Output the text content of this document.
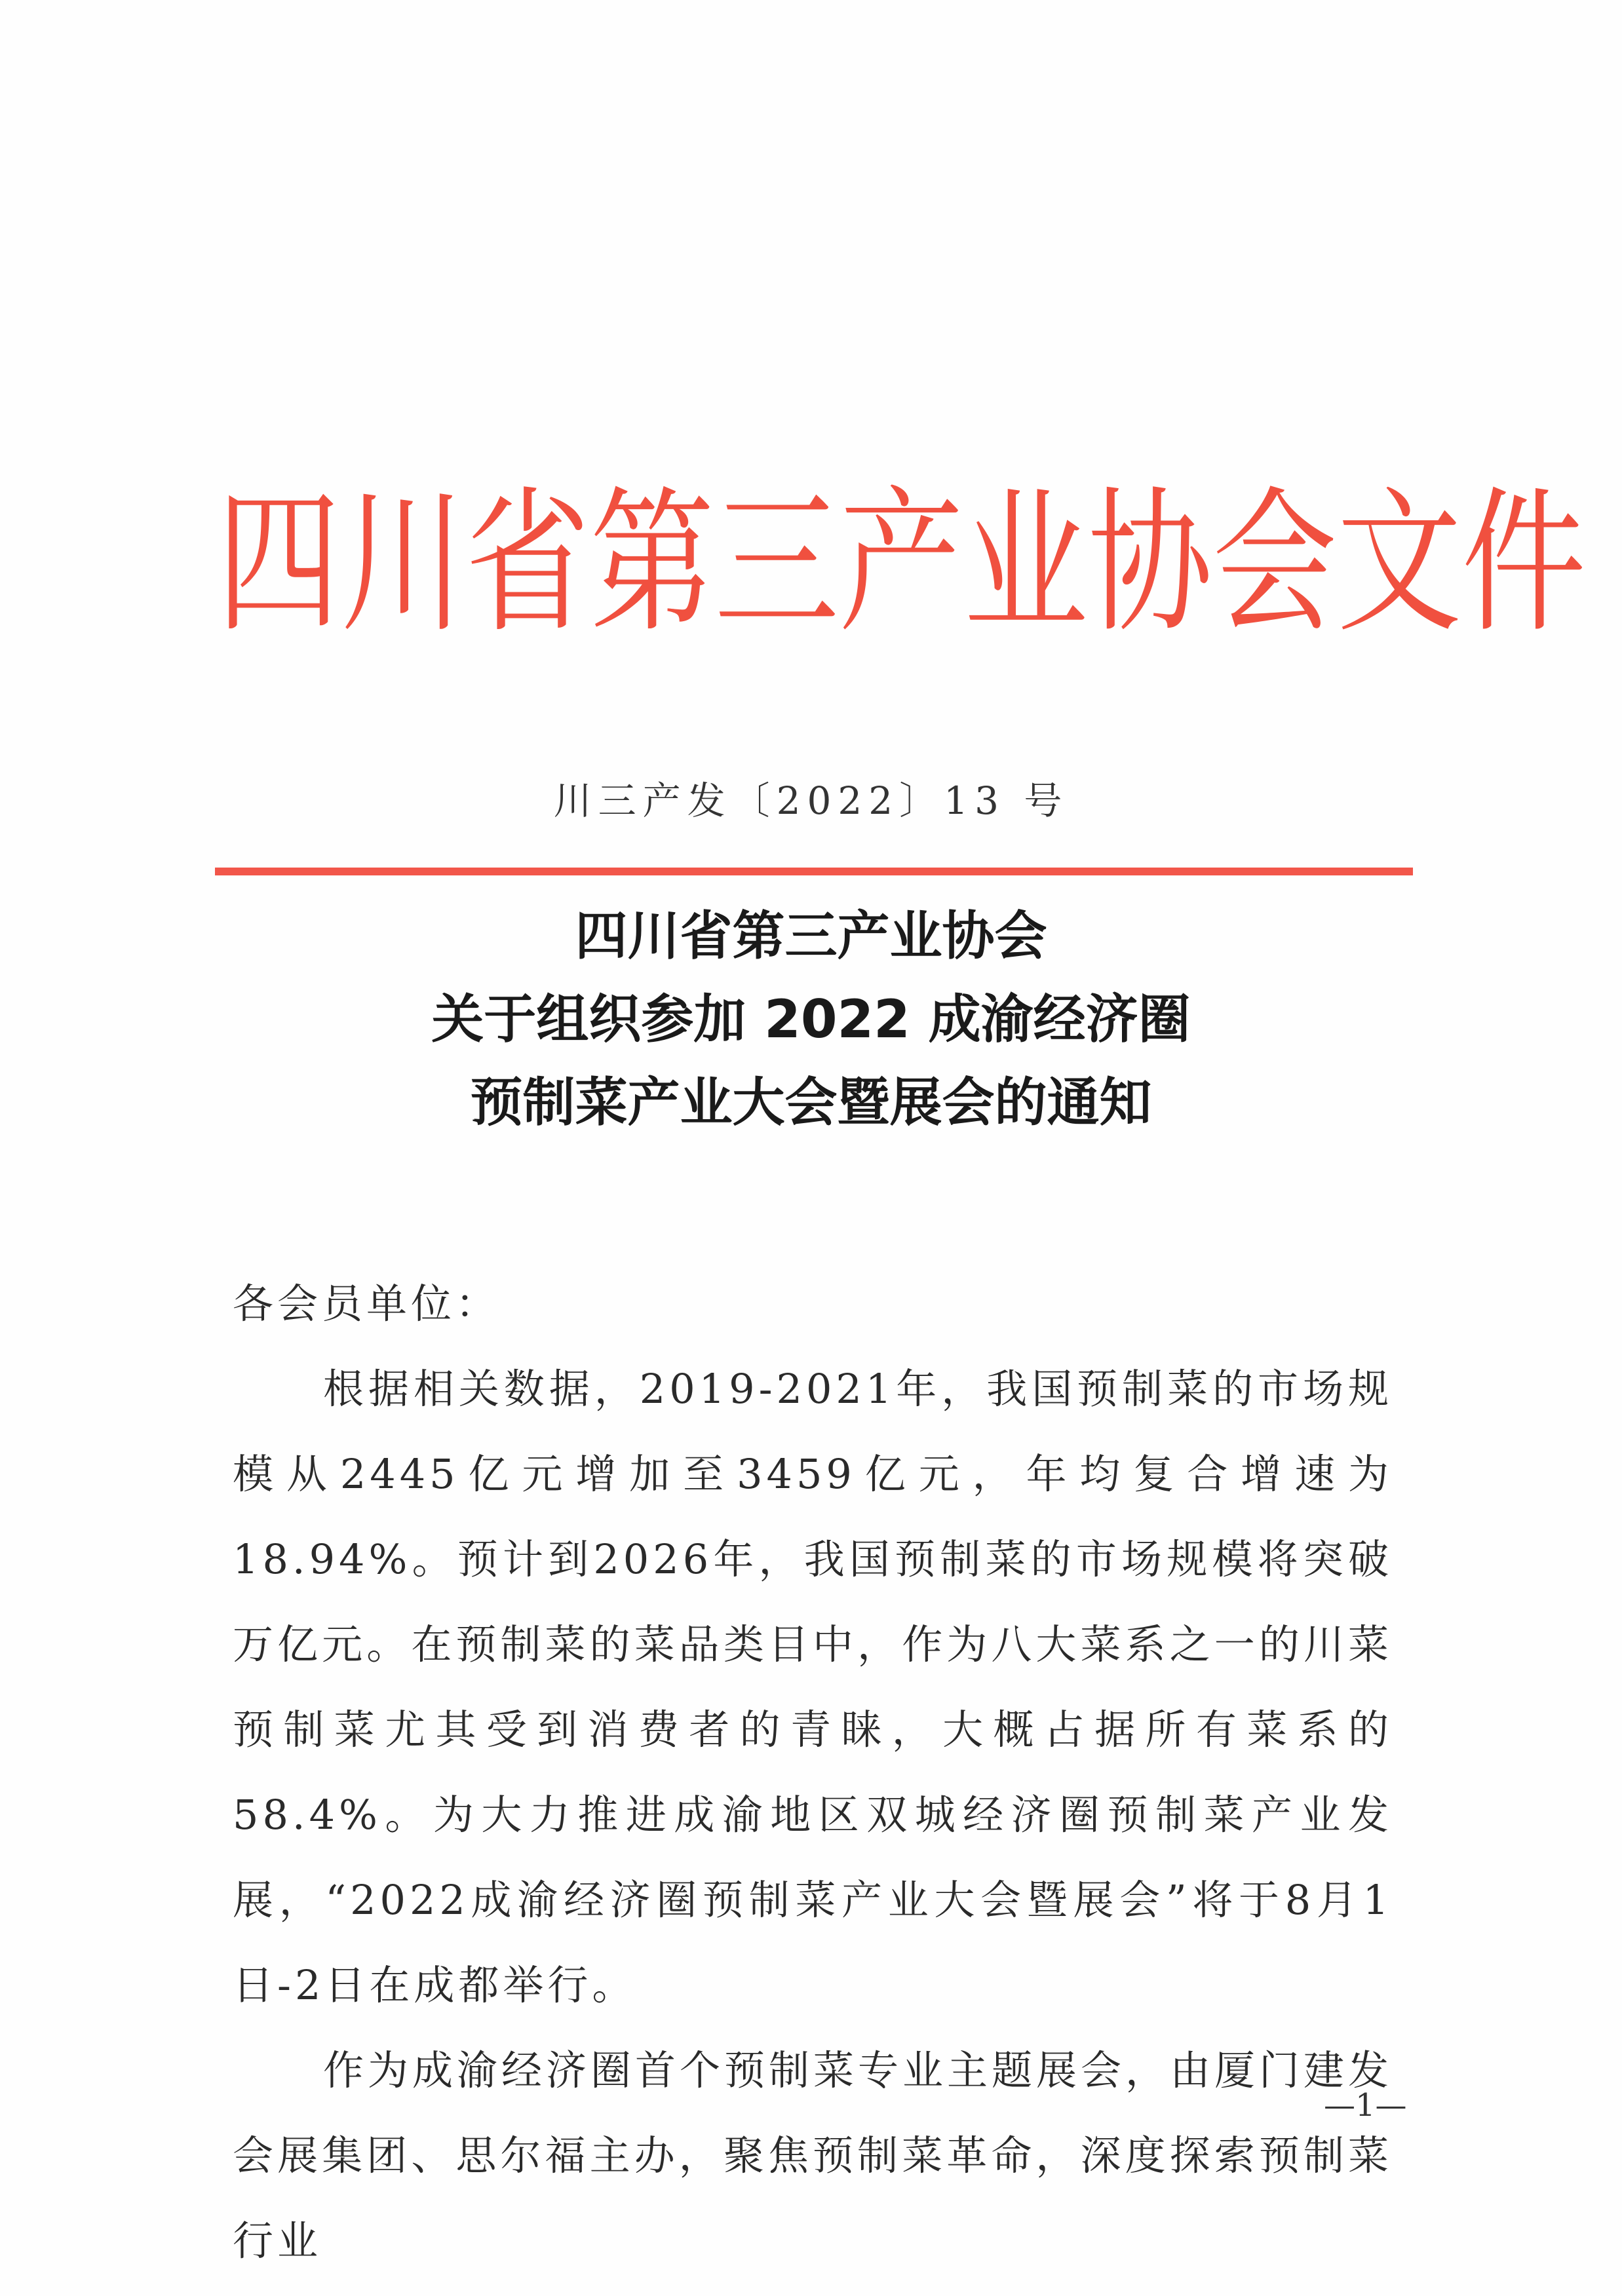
四 川 省 第 三 产 业 协 会 文 件
川三产发〔2022〕13 号
四川省第三产业协会
关于组织参加 2022 成渝经济圈
预制菜产业大会暨展会的通知

各会员单位：

根据相关数据，2019-2021年，我国预制菜的市场规模从2445亿元增加至3459亿元，年均复合增速为18.94%。预计到2026年，我国预制菜的市场规模将突破万亿元。在预制菜的菜品类目中，作为八大菜系之一的川菜预制菜尤其受到消费者的青睐，大概占据所有菜系的58.4%。为大力推进成渝地区双城经济圈预制菜产业发展，“2022成渝经济圈预制菜产业大会暨展会”将于8月1日-2日在成都举行。

作为成渝经济圈首个预制菜专业主题展会，由厦门建发会展集团、思尔福主办，聚焦预制菜革命，深度探索预制菜行业

—1—
